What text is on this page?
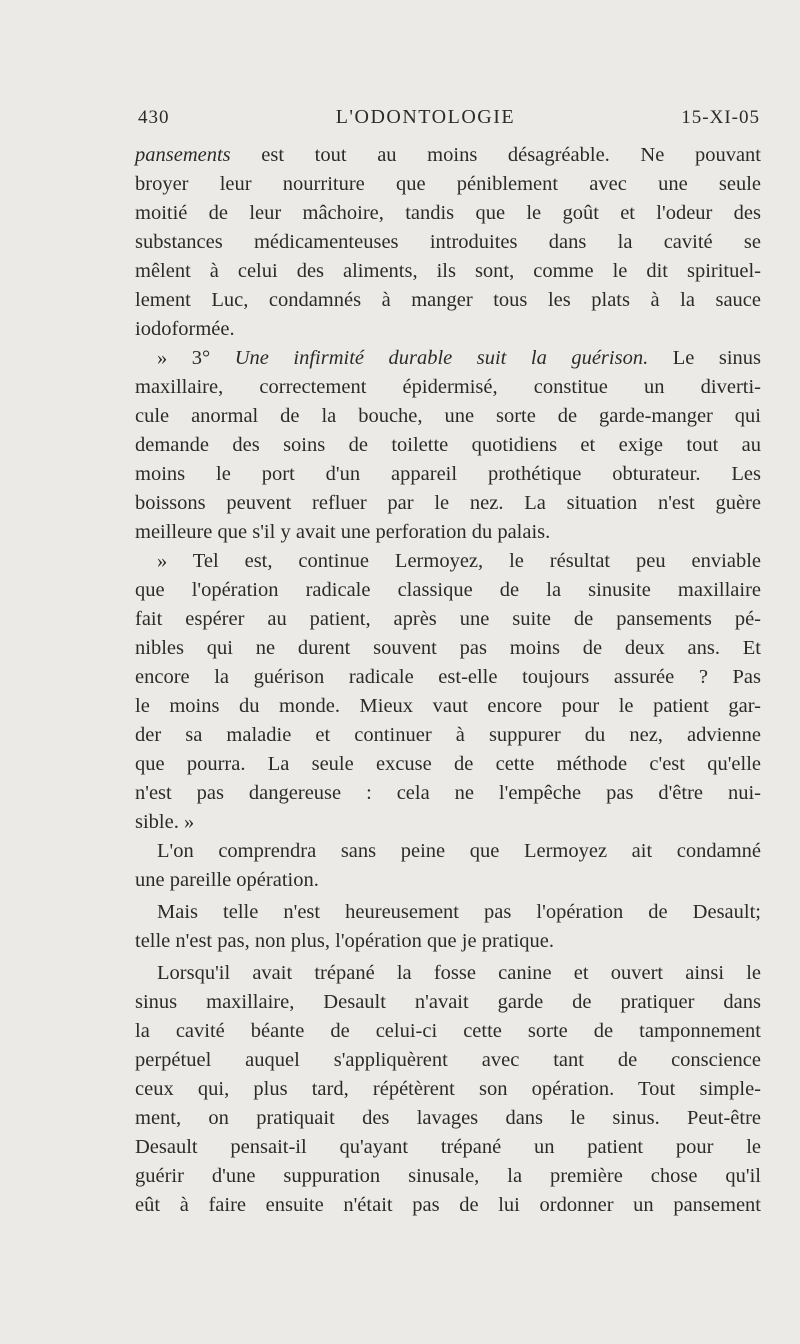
430	L'ODONTOLOGIE	15-XI-05
pansements est tout au moins désagréable. Ne pouvant
broyer leur nourriture que péniblement avec une seule
moitié de leur mâchoire, tandis que le goût et l'odeur des
substances médicamenteuses introduites dans la cavité se
mêlent à celui des aliments, ils sont, comme le dit spirituel-
lement Luc, condamnés à manger tous les plats à la sauce
iodoformée.
» 3° Une infirmité durable suit la guérison. Le sinus
maxillaire, correctement épidermisé, constitue un diverti-
cule anormal de la bouche, une sorte de garde-manger qui
demande des soins de toilette quotidiens et exige tout au
moins le port d'un appareil prothétique obturateur. Les
boissons peuvent refluer par le nez. La situation n'est guère
meilleure que s'il y avait une perforation du palais.
» Tel est, continue Lermoyez, le résultat peu enviable
que l'opération radicale classique de la sinusite maxillaire
fait espérer au patient, après une suite de pansements pé-
nibles qui ne durent souvent pas moins de deux ans. Et
encore la guérison radicale est-elle toujours assurée ? Pas
le moins du monde. Mieux vaut encore pour le patient gar-
der sa maladie et continuer à suppurer du nez, advienne
que pourra. La seule excuse de cette méthode c'est qu'elle
n'est pas dangereuse : cela ne l'empêche pas d'être nui-
sible. »
L'on comprendra sans peine que Lermoyez ait condamné
une pareille opération.
Mais telle n'est heureusement pas l'opération de Desault;
telle n'est pas, non plus, l'opération que je pratique.
Lorsqu'il avait trépané la fosse canine et ouvert ainsi le
sinus maxillaire, Desault n'avait garde de pratiquer dans
la cavité béante de celui-ci cette sorte de tamponnement
perpétuel auquel s'appliquèrent avec tant de conscience
ceux qui, plus tard, répétèrent son opération. Tout simple-
ment, on pratiquait des lavages dans le sinus. Peut-être
Desault pensait-il qu'ayant trépané un patient pour le
guérir d'une suppuration sinusale, la première chose qu'il
eût à faire ensuite n'était pas de lui ordonner un pansement
